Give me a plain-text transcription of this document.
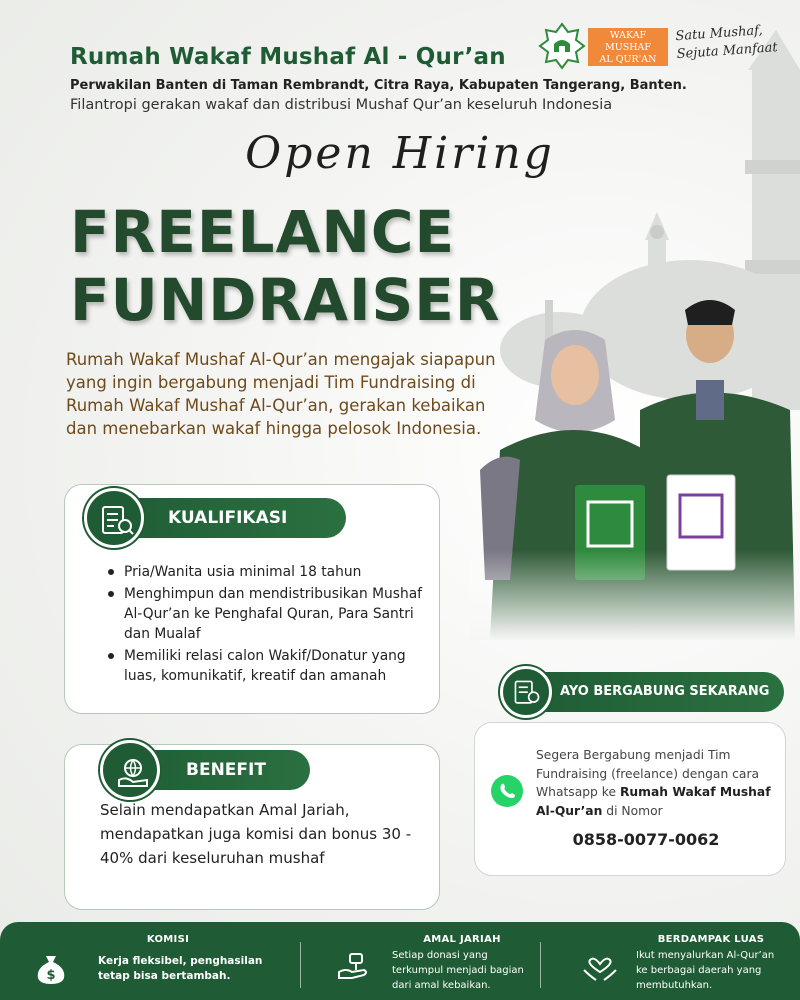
Rumah Wakaf Mushaf Al - Qur’an
Perwakilan Banten di Taman Rembrandt, Citra Raya, Kabupaten Tangerang, Banten.
Filantropi gerakan wakaf dan distribusi Mushaf Qur’an keseluruh Indonesia
WAKAF
MUSHAF
AL QUR'AN
Satu Mushaf,
Sejuta Manfaat
Open Hiring
FREELANCE
FUNDRAISER
Rumah Wakaf Mushaf Al-Qur’an mengajak siapapun yang ingin bergabung menjadi Tim Fundraising di Rumah Wakaf Mushaf Al-Qur’an, gerakan kebaikan dan menebarkan wakaf hingga pelosok Indonesia.
KUALIFIKASI
Pria/Wanita usia minimal 18 tahun
Menghimpun dan mendistribusikan Mushaf Al-Qur’an ke Penghafal Quran, Para Santri dan Mualaf
Memiliki relasi calon Wakif/Donatur yang luas, komunikatif, kreatif dan amanah
BENEFIT
Selain mendapatkan Amal Jariah, mendapatkan juga komisi dan bonus 30 - 40% dari keseluruhan mushaf
AYO BERGABUNG SEKARANG
Segera Bergabung menjadi Tim Fundraising (freelance) dengan cara Whatsapp ke Rumah Wakaf Mushaf Al-Qur’an di Nomor
0858-0077-0062
$
KOMISI
Kerja fleksibel, penghasilan tetap bisa bertambah.
AMAL JARIAH
Setiap donasi yang terkumpul menjadi bagian dari amal kebaikan.
BERDAMPAK LUAS
Ikut menyalurkan Al-Qur’an ke berbagai daerah yang membutuhkan.
